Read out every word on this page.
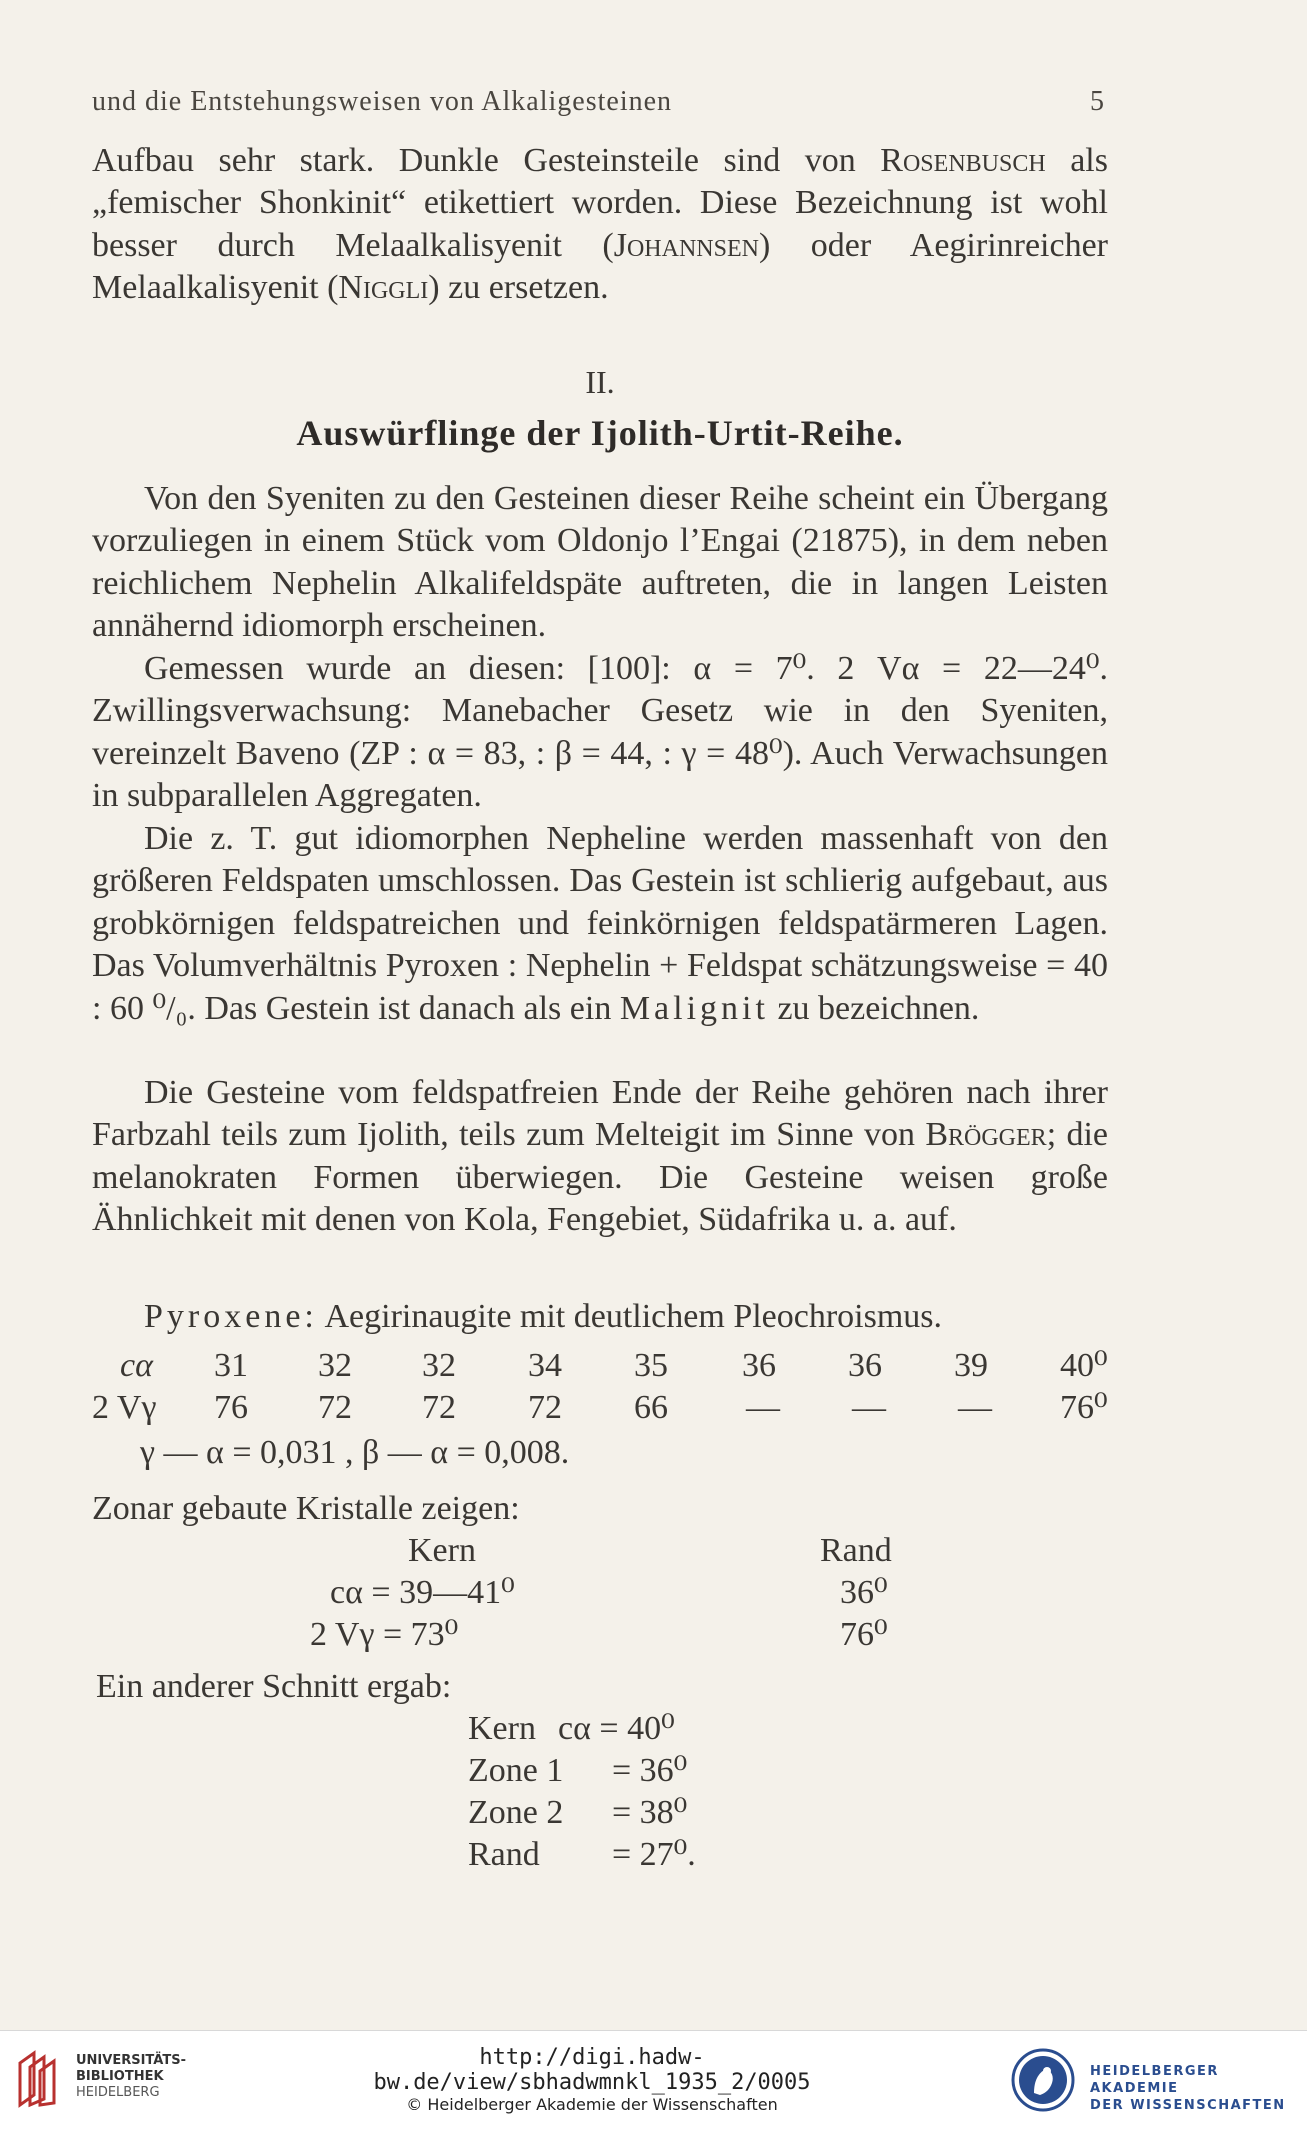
und die Entstehungsweisen von Alkaligesteinen	5
Aufbau sehr stark. Dunkle Gesteinsteile sind von Rosenbusch als „femischer Shonkinit“ etikettiert worden. Diese Bezeichnung ist wohl besser durch Melaalkalisyenit (Johannsen) oder Aegirinreicher Melaalkalisyenit (Niggli) zu ersetzen.
II.
Auswürflinge der Ijolith-Urtit-Reihe.
Von den Syeniten zu den Gesteinen dieser Reihe scheint ein Übergang vorzuliegen in einem Stück vom Oldonjo l’Engai (21875), in dem neben reichlichem Nephelin Alkalifeldspäte auftreten, die in langen Leisten annähernd idiomorph erscheinen.
Gemessen wurde an diesen: [100]: α = 7⁰. 2 Vα = 22—24⁰. Zwillingsverwachsung: Manebacher Gesetz wie in den Syeniten, vereinzelt Baveno (ZP : α = 83, : β = 44, : γ = 48⁰). Auch Verwachsungen in subparallelen Aggregaten.
Die z. T. gut idiomorphen Nepheline werden massenhaft von den größeren Feldspaten umschlossen. Das Gestein ist schlierig aufgebaut, aus grobkörnigen feldspatreichen und feinkörnigen feldspatärmeren Lagen. Das Volumverhältnis Pyroxen : Nephelin + Feldspat schätzungsweise = 40 : 60 ⁰/₀. Das Gestein ist danach als ein Malignit zu bezeichnen.
Die Gesteine vom feldspatfreien Ende der Reihe gehören nach ihrer Farbzahl teils zum Ijolith, teils zum Melteigit im Sinne von Brögger; die melanokraten Formen überwiegen. Die Gesteine weisen große Ähnlichkeit mit denen von Kola, Fengebiet, Südafrika u. a. auf.
Pyroxene: Aegirinaugite mit deutlichem Pleochroismus.
cα 31 32 32 34 35 36 36 39 40⁰
2 Vγ 76 72 72 72 66 — — — 76⁰
γ — α = 0,031 , β — α = 0,008.
Zonar gebaute Kristalle zeigen:
Kern	Rand
cα = 39—41⁰	36⁰
2 Vγ = 73⁰	76⁰
Ein anderer Schnitt ergab:
Kern cα = 40⁰
Zone 1 = 36⁰
Zone 2 = 38⁰
Rand = 27⁰.
UNIVERSITÄTS-
BIBLIOTHEK
HEIDELBERG
http://digi.hadw-bw.de/view/sbhadwmnkl_1935_2/0005
© Heidelberger Akademie der Wissenschaften
HEIDELBERGER AKADEMIE
DER WISSENSCHAFTEN
